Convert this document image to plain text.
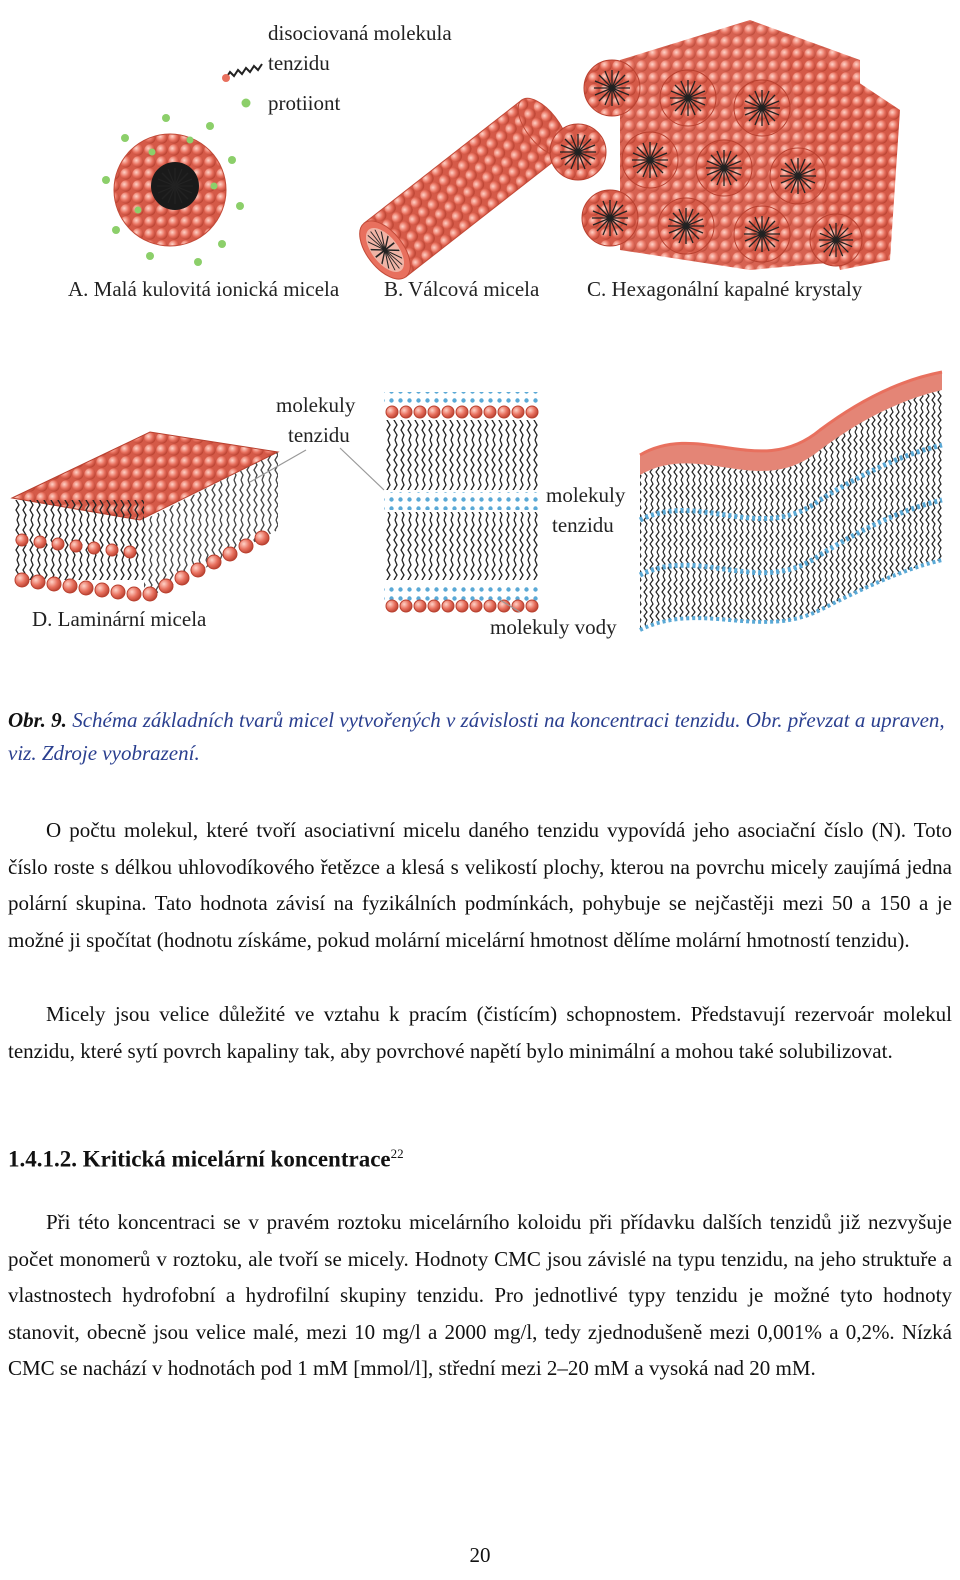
disociovaná molekula
tenzidu
protiiont
A. Malá kulovitá ionická micela B. Válcová micela C. Hexagonální kapalné krystaly
molekuly
tenzidu
D. Laminární micela
molekuly
tenzidu
molekuly vody
Obr. 9. Schéma základních tvarů micel vytvořených v závislosti na koncentraci tenzidu. Obr. převzat a upraven, viz. Zdroje vyobrazení.

O počtu molekul, které tvoří asociativní micelu daného tenzidu vypovídá jeho asociační číslo (N). Toto číslo roste s délkou uhlovodíkového řetězce a klesá s velikostí plochy, kterou na povrchu micely zaujímá jedna polární skupina. Tato hodnota závisí na fyzikálních podmínkách, pohybuje se nejčastěji mezi 50 a 150 a je možné ji spočítat (hodnotu získáme, pokud molární micelární hmotnost dělíme molární hmotností tenzidu).

Micely jsou velice důležité ve vztahu k pracím (čistícím) schopnostem. Představují rezervoár molekul tenzidu, které sytí povrch kapaliny tak, aby povrchové napětí bylo minimální a mohou také solubilizovat.

1.4.1.2. Kritická micelární koncentrace$^{22}$

Při této koncentraci se v pravém roztoku micelárního koloidu při přídavku dalších tenzidů již nezvyšuje počet monomerů v roztoku, ale tvoří se micely. Hodnoty CMC jsou závislé na typu tenzidu, na jeho struktuře a vlastnostech hydrofobní a hydrofilní skupiny tenzidu. Pro jednotlivé typy tenzidu je možné tyto hodnoty stanovit, obecně jsou velice malé, mezi 10 mg/l a 2000 mg/l, tedy zjednodušeně mezi 0,001% a 0,2%. Nízká CMC se nachází v hodnotách pod 1 mM [mmol/l], střední mezi 2–20 mM a vysoká nad 20 mM.

20
